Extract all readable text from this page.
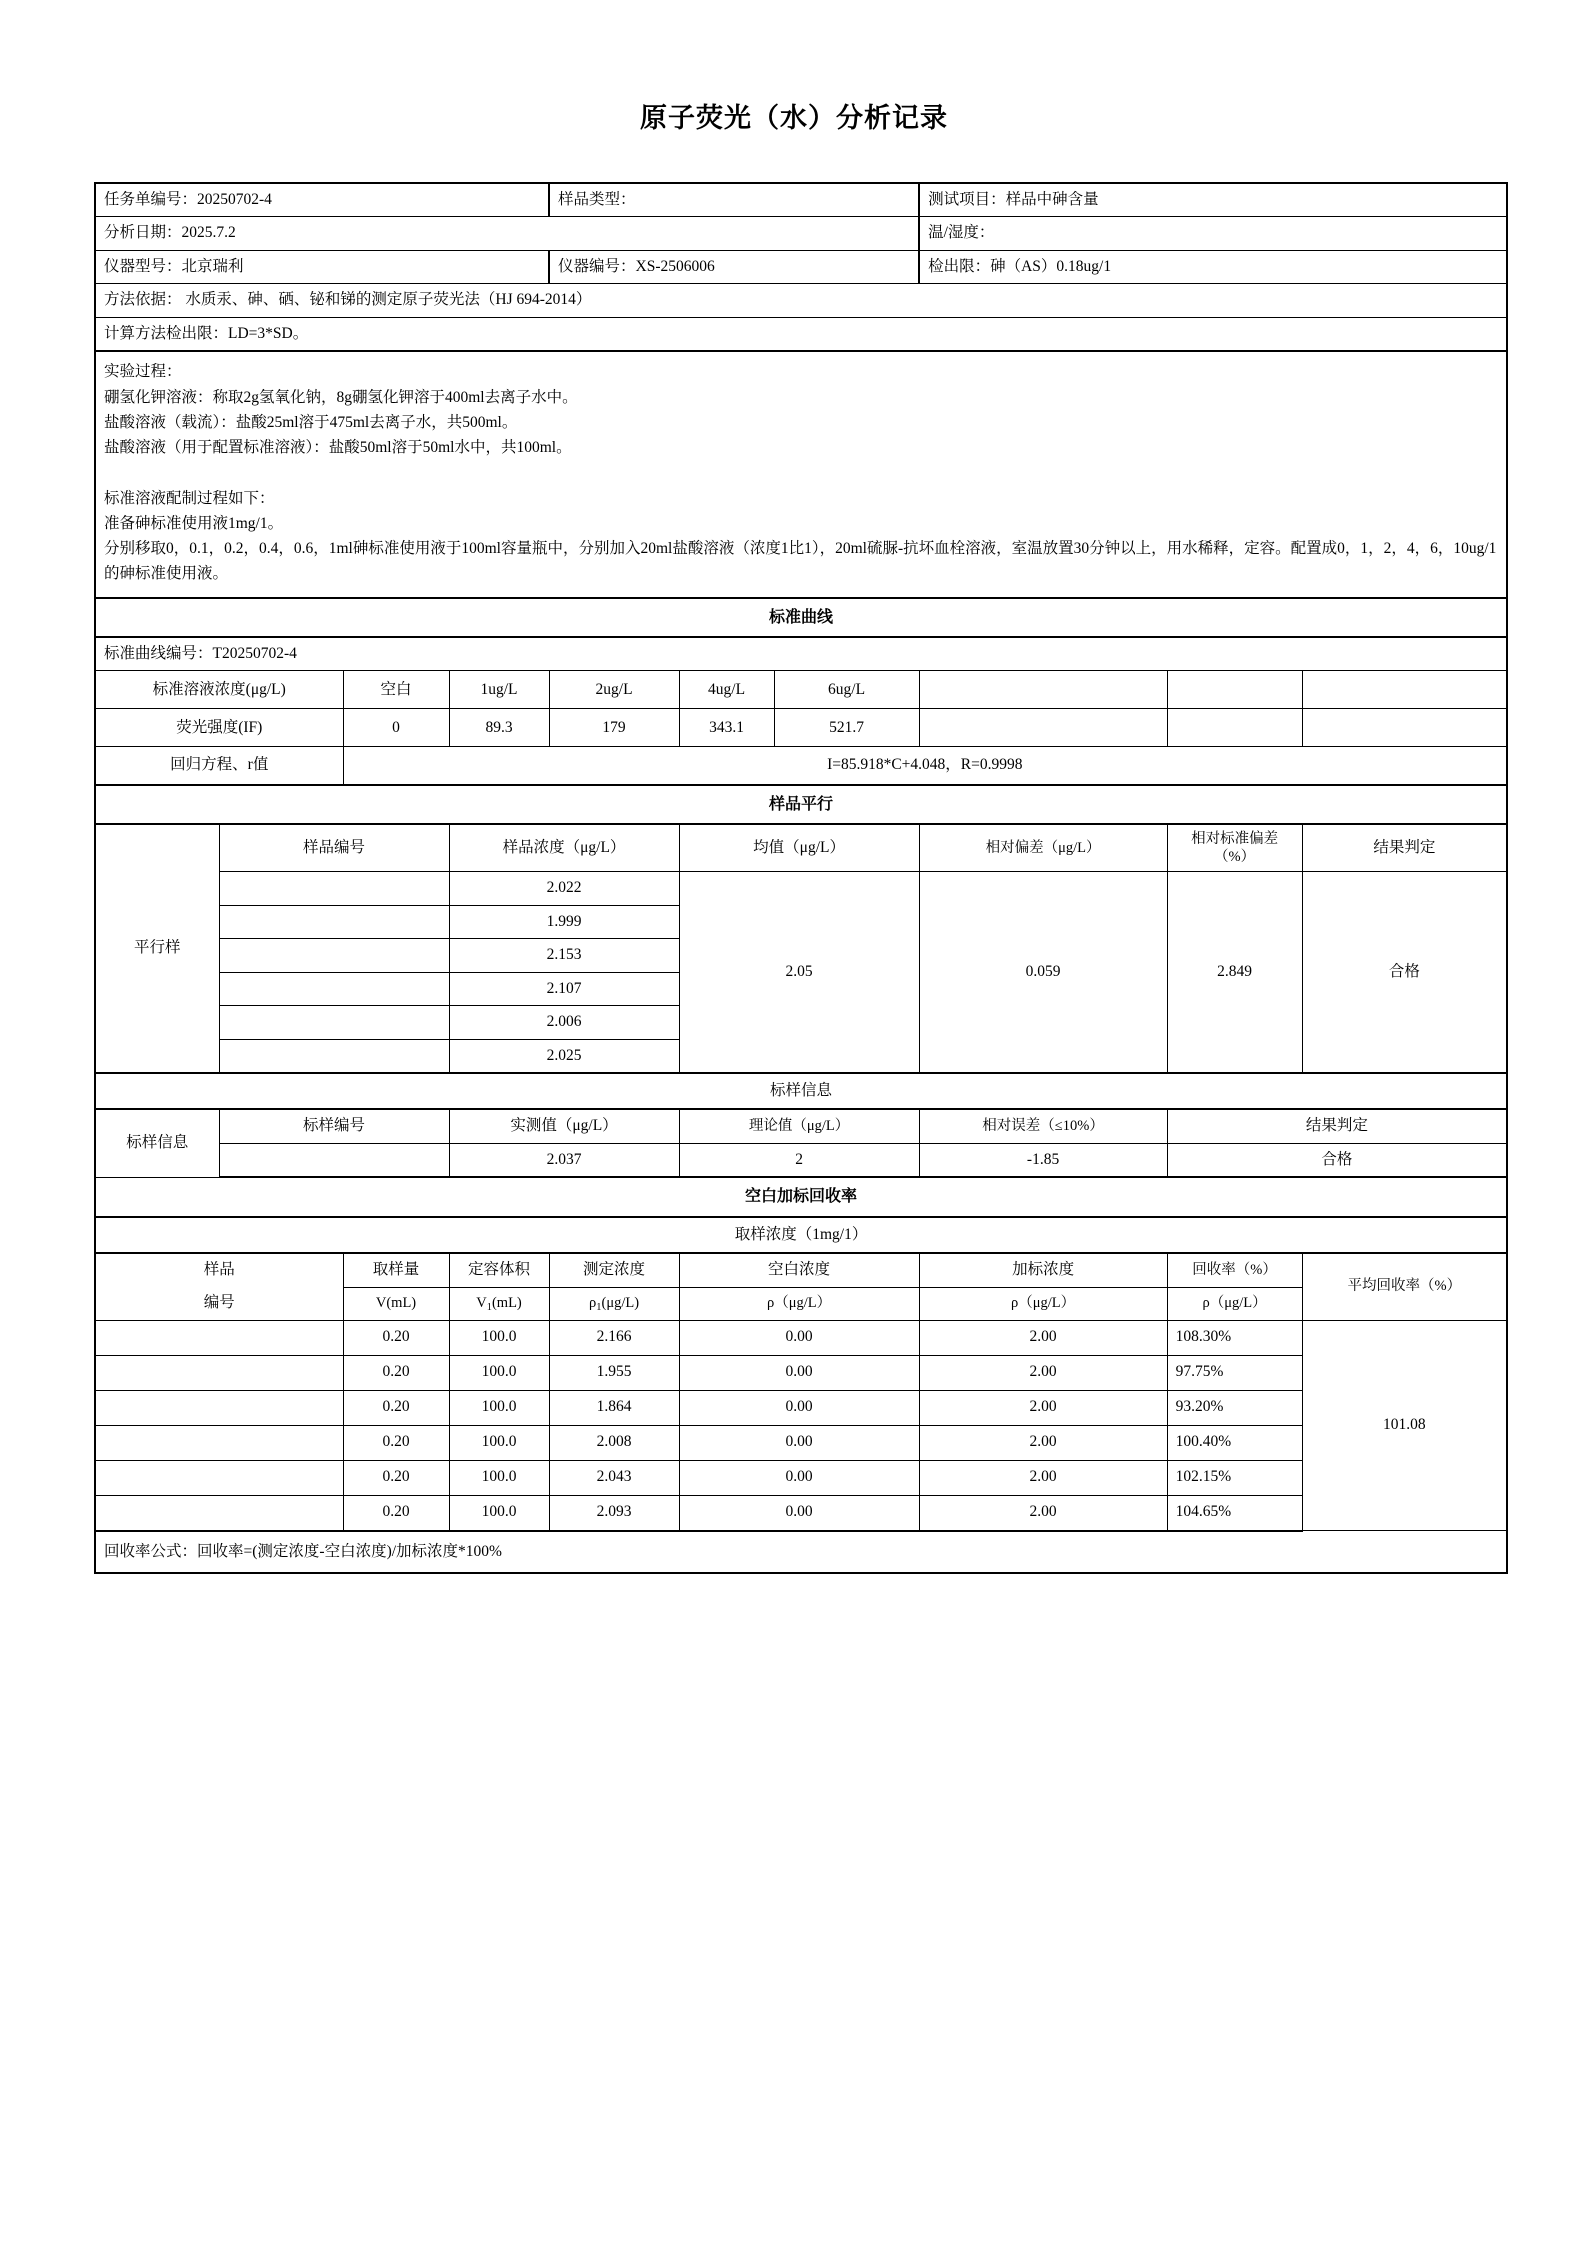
原子荧光（水）分析记录
任务单编号：20250702-4				样品类型：			测试项目：样品中砷含量		

分析日期：2025.7.2							温/湿度：		

仪器型号：北京瑞利				仪器编号：XS-2506006			检出限：砷（AS）0.18ug/1		

方法依据： 水质汞、砷、硒、铋和锑的测定原子荧光法（HJ 694-2014）									

计算方法检出限：LD=3*SD。									

实验过程：
硼氢化钾溶液：称取2g氢氧化钠，8g硼氢化钾溶于400ml去离子水中。
盐酸溶液（载流）：盐酸25ml溶于475ml去离子水，共500ml。
盐酸溶液（用于配置标准溶液）：盐酸50ml溶于50ml水中，共100ml。

标准溶液配制过程如下：
准备砷标准使用液1mg/1。
分别移取0，0.1，0.2，0.4，0.6，1ml砷标准使用液于100ml容量瓶中，分别加入20ml盐酸溶液（浓度1比1），20ml硫脲-抗坏血栓溶液，室温放置30分钟以上，用水稀释，定容。配置成0，1，2，4，6，10ug/1的砷标准使用液。

标准曲线									

标准曲线编号：T20250702-4									

标准溶液浓度(μg/L)		空白	1ug/L	2ug/L	4ug/L	6ug/L			

荧光强度(IF)		0	89.3	179	343.1	521.7			

回归方程、r值		I=85.918*C+4.048，R=0.9998							

样品平行									

平行样	样品编号		样品浓度（μg/L）		均值（μg/L）		相对偏差（μg/L）	相对标准偏差（%）	结果判定

			2.022		2.05		0.059	2.849	合格

			1.999						

			2.153						

			2.107						

			2.006						

			2.025						

标样信息									

标样信息	标样编号		实测值（μg/L）		理论值（μg/L）		相对误差（≤10%）	结果判定	

			2.037		2		-1.85	合格	

空白加标回收率									

取样浓度（1mg/1）									

样品
编号		取样量	定容体积	测定浓度	空白浓度		加标浓度	回收率（%）	平均回收率（%）

		V(mL)	$V_1(mL)$	$\rho_1(\mu g/L)$	ρ（μg/L）		ρ（μg/L）	ρ（μg/L）	

		0.20	100.0	2.166	0.00		2.00	108.30%	101.08

		0.20	100.0	1.955	0.00		2.00	97.75%	

		0.20	100.0	1.864	0.00		2.00	93.20%	

		0.20	100.0	2.008	0.00		2.00	100.40%	

		0.20	100.0	2.043	0.00		2.00	102.15%	

		0.20	100.0	2.093	0.00		2.00	104.65%	

回收率公式：回收率=(测定浓度-空白浓度)/加标浓度*100%									
